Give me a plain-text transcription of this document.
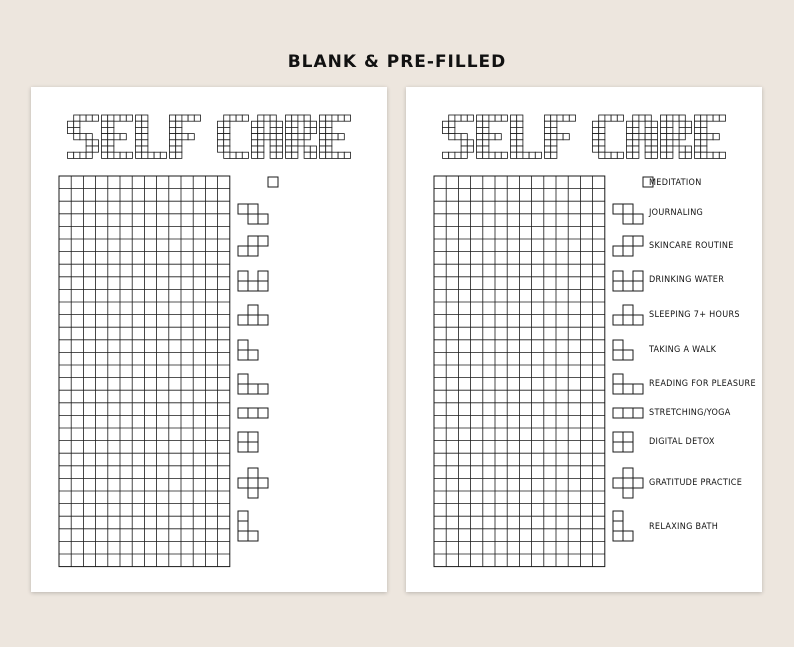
BLANK & PRE-FILLED
MEDITATION
JOURNALING
SKINCARE ROUTINE
DRINKING WATER
SLEEPING 7+ HOURS
TAKING A WALK
READING FOR PLEASURE
STRETCHING/YOGA
DIGITAL DETOX
GRATITUDE PRACTICE
RELAXING BATH
